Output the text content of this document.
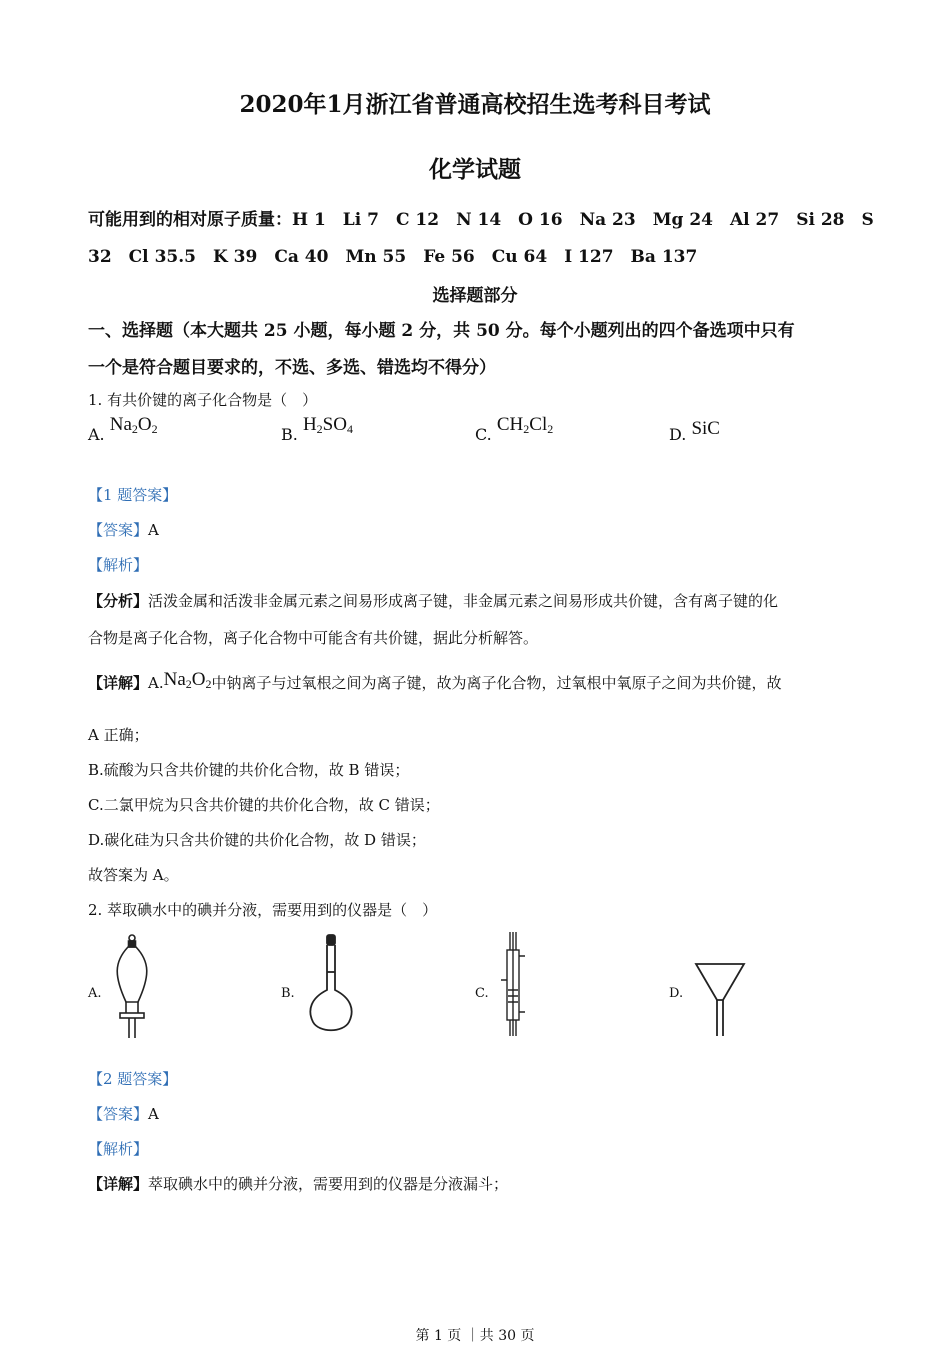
2020年1月浙江省普通高校招生选考科目考试
化学试题
可能用到的相对原子质量：H 1　Li 7　C 12　N 14　O 16　Na 23　Mg 24　Al 27　Si 28　S
32　Cl 35.5　K 39　Ca 40　Mn 55　Fe 56　Cu 64　I 127　Ba 137
选择题部分
一、选择题（本大题共 25 小题，每小题 2 分，共 50 分。每个小题列出的四个备选项中只有
一个是符合题目要求的，不选、多选、错选均不得分）
1. 有共价键的离子化合物是（　）
A. $Na_2O_2$	B. $H_2SO_4$	C. $CH_2Cl_2$	D. SiC
【1 题答案】
【答案】A
【解析】
【分析】活泼金属和活泼非金属元素之间易形成离子键，非金属元素之间易形成共价键，含有离子键的化
合物是离子化合物，离子化合物中可能含有共价键，据此分析解答。
【详解】$A.Na_2O_2$中钠离子与过氧根之间为离子键，故为离子化合物，过氧根中氧原子之间为共价键，故
A 正确；
B.硫酸为只含共价键的共价化合物，故 B 错误；
C.二氯甲烷为只含共价键的共价化合物，故 C 错误；
D.碳化硅为只含共价键的共价化合物，故 D 错误；
故答案为 A。
2. 萃取碘水中的碘并分液，需要用到的仪器是（　）
A.	B.	C.	D.
【2 题答案】
【答案】A
【解析】
【详解】萃取碘水中的碘并分液，需要用到的仪器是分液漏斗；
第 1 页 ｜共 30 页
